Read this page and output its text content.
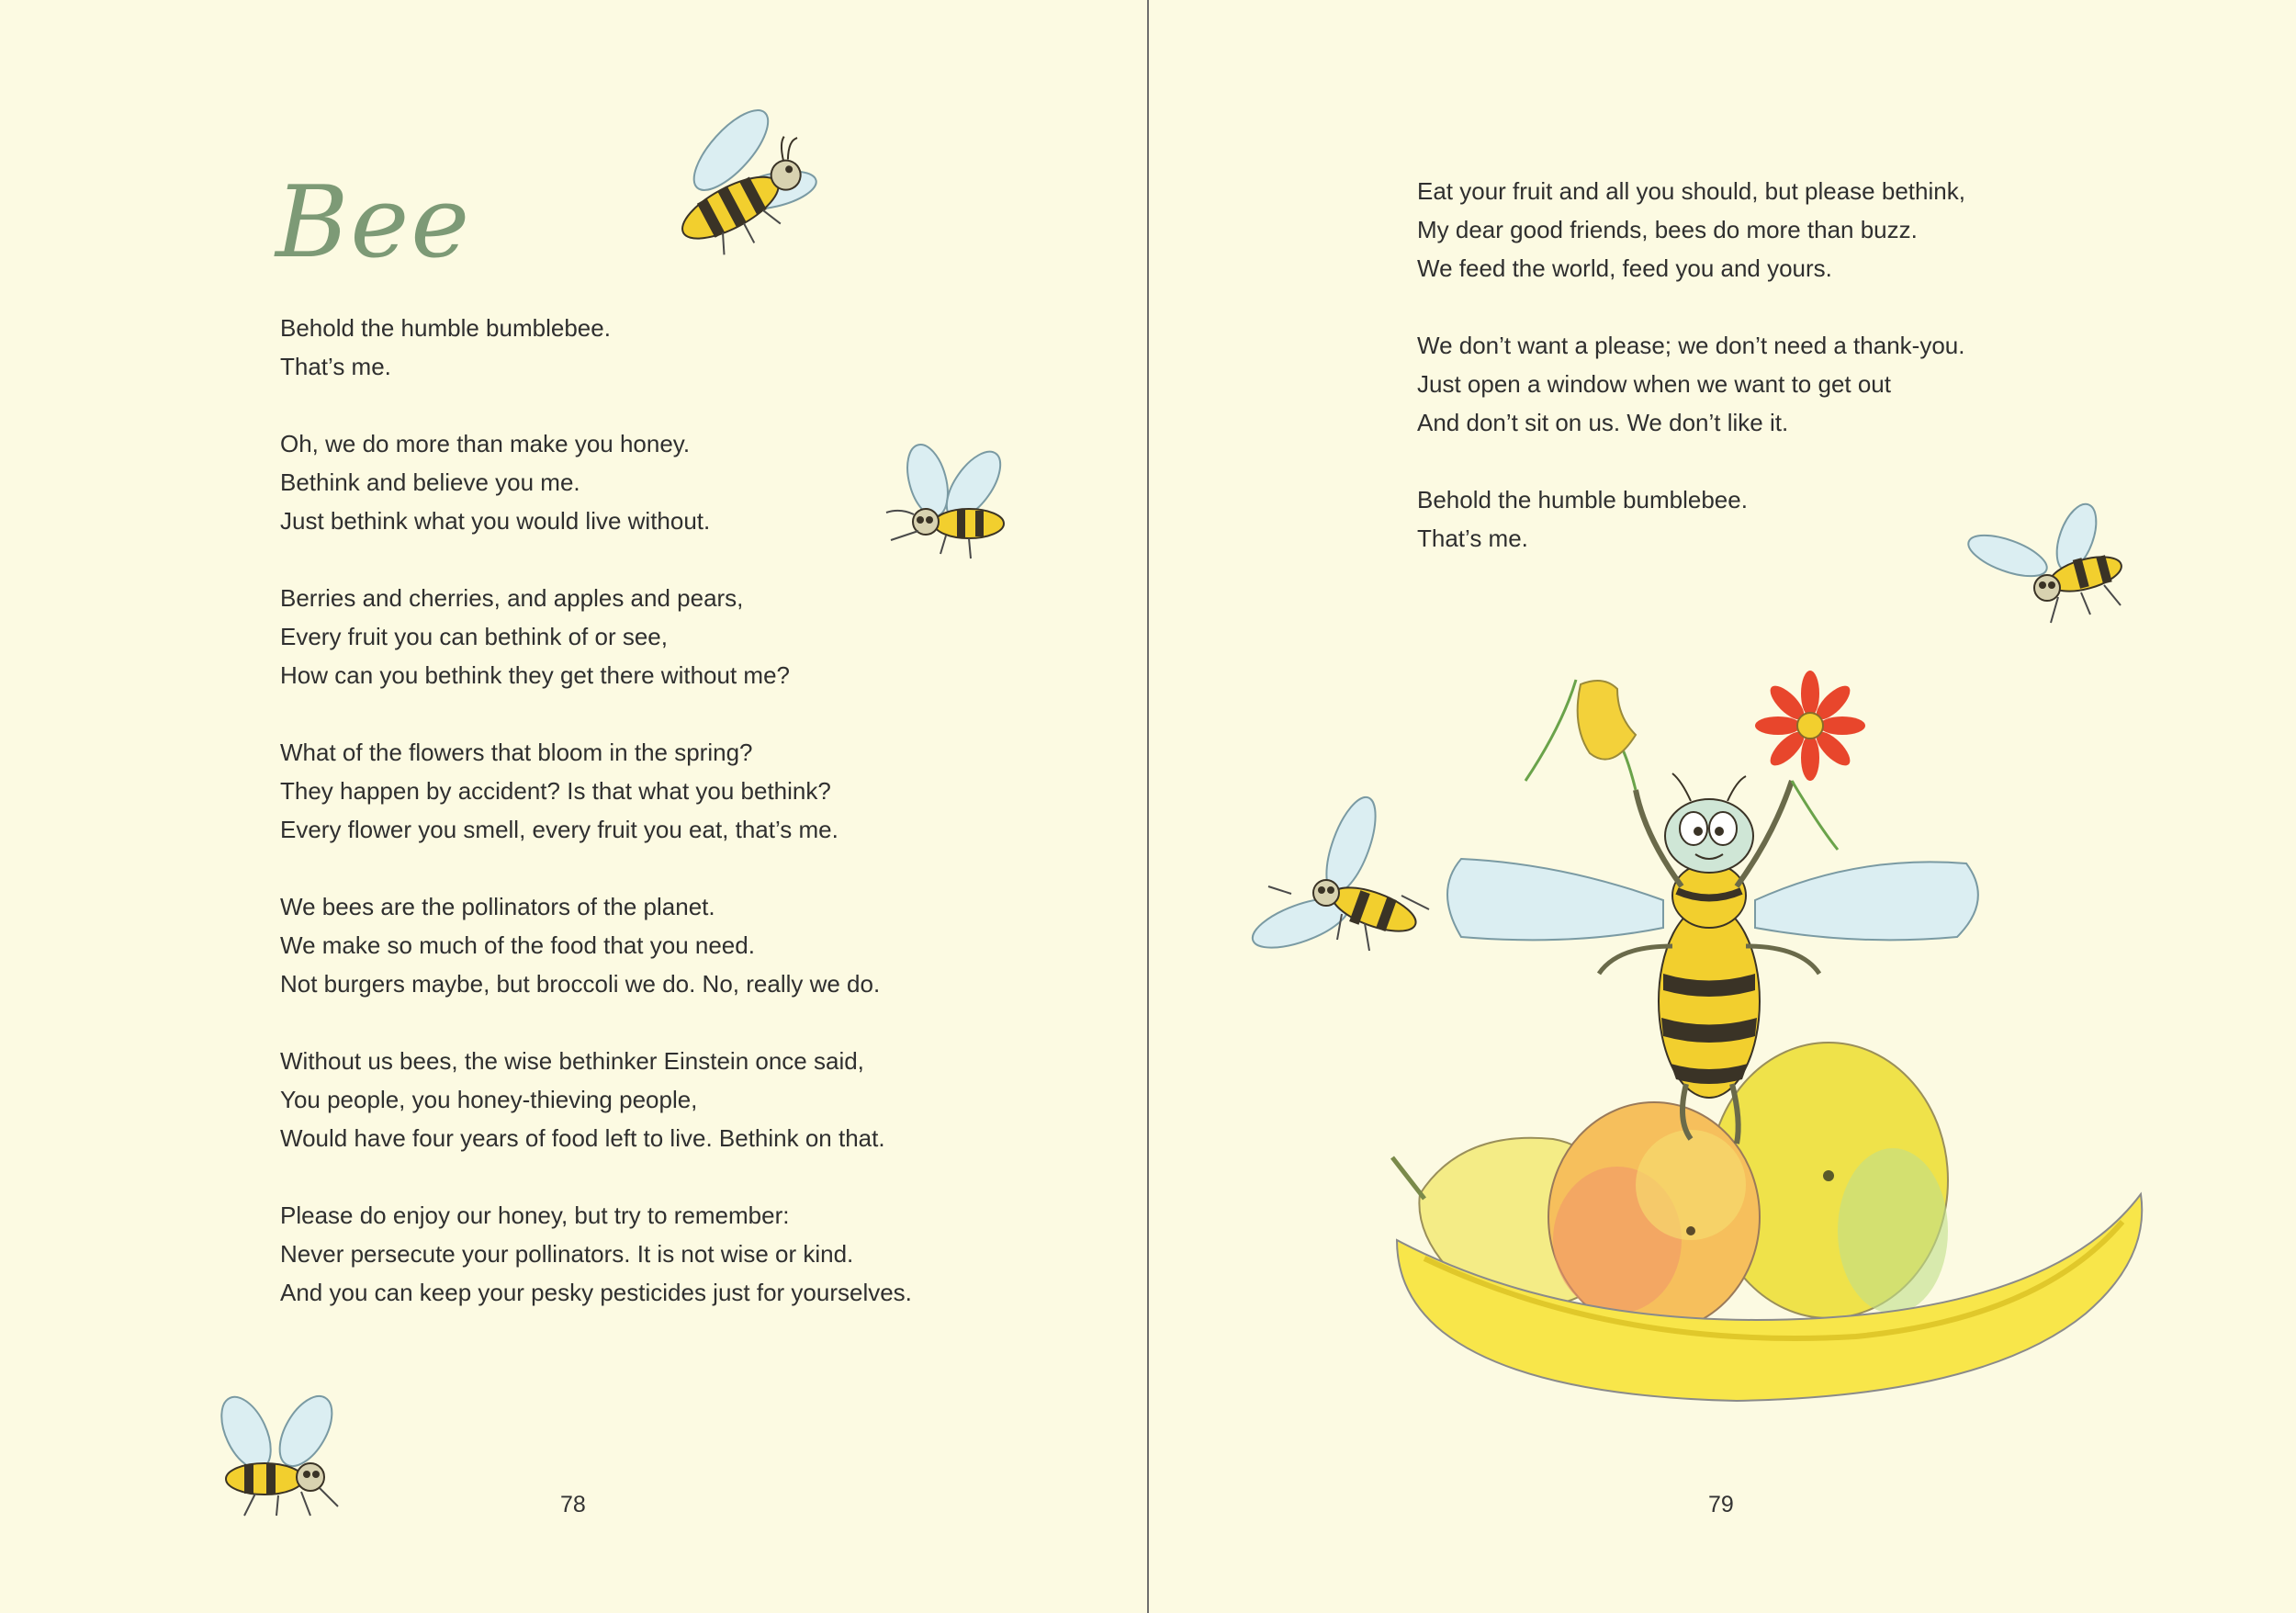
Bee
Behold the humble bumblebee.
That’s me.
Oh, we do more than make you honey.
Bethink and believe you me.
Just bethink what you would live without.
Berries and cherries, and apples and pears,
Every fruit you can bethink of or see,
How can you bethink they get there without me?
What of the flowers that bloom in the spring?
They happen by accident? Is that what you bethink?
Every flower you smell, every fruit you eat, that’s me.
We bees are the pollinators of the planet.
We make so much of the food that you need.
Not burgers maybe, but broccoli we do. No, really we do.
Without us bees, the wise bethinker Einstein once said,
You people, you honey-thieving people,
Would have four years of food left to live. Bethink on that.
Please do enjoy our honey, but try to remember:
Never persecute your pollinators. It is not wise or kind.
And you can keep your pesky pesticides just for yourselves.
78
Eat your fruit and all you should, but please bethink,
My dear good friends, bees do more than buzz.
We feed the world, feed you and yours.
We don’t want a please; we don’t need a thank-you.
Just open a window when we want to get out
And don’t sit on us. We don’t like it.
Behold the humble bumblebee.
That’s me.
79
